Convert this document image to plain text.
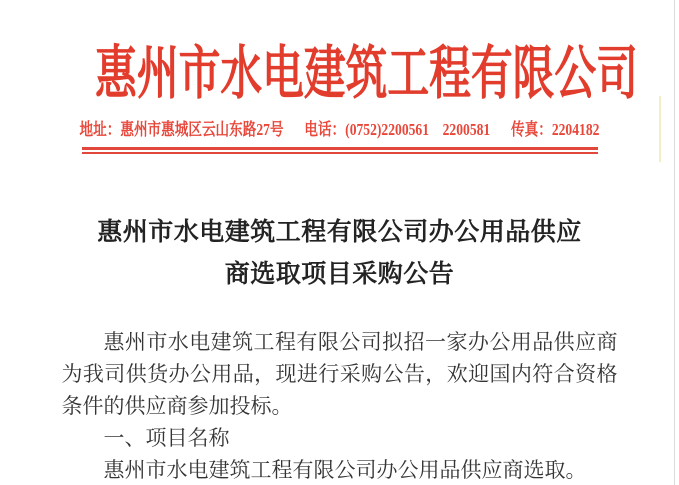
惠州市水电建筑工程有限公司
地址：惠州市惠城区云山东路27号 电话：(0752)2200561　2200581 传真：2204182
惠州市水电建筑工程有限公司办公用品供应
商选取项目采购公告

惠州市水电建筑工程有限公司拟招一家办公用品供应商为我司供货办公用品，现进行采购公告，欢迎国内符合资格条件的供应商参加投标。

一、项目名称

惠州市水电建筑工程有限公司办公用品供应商选取。
